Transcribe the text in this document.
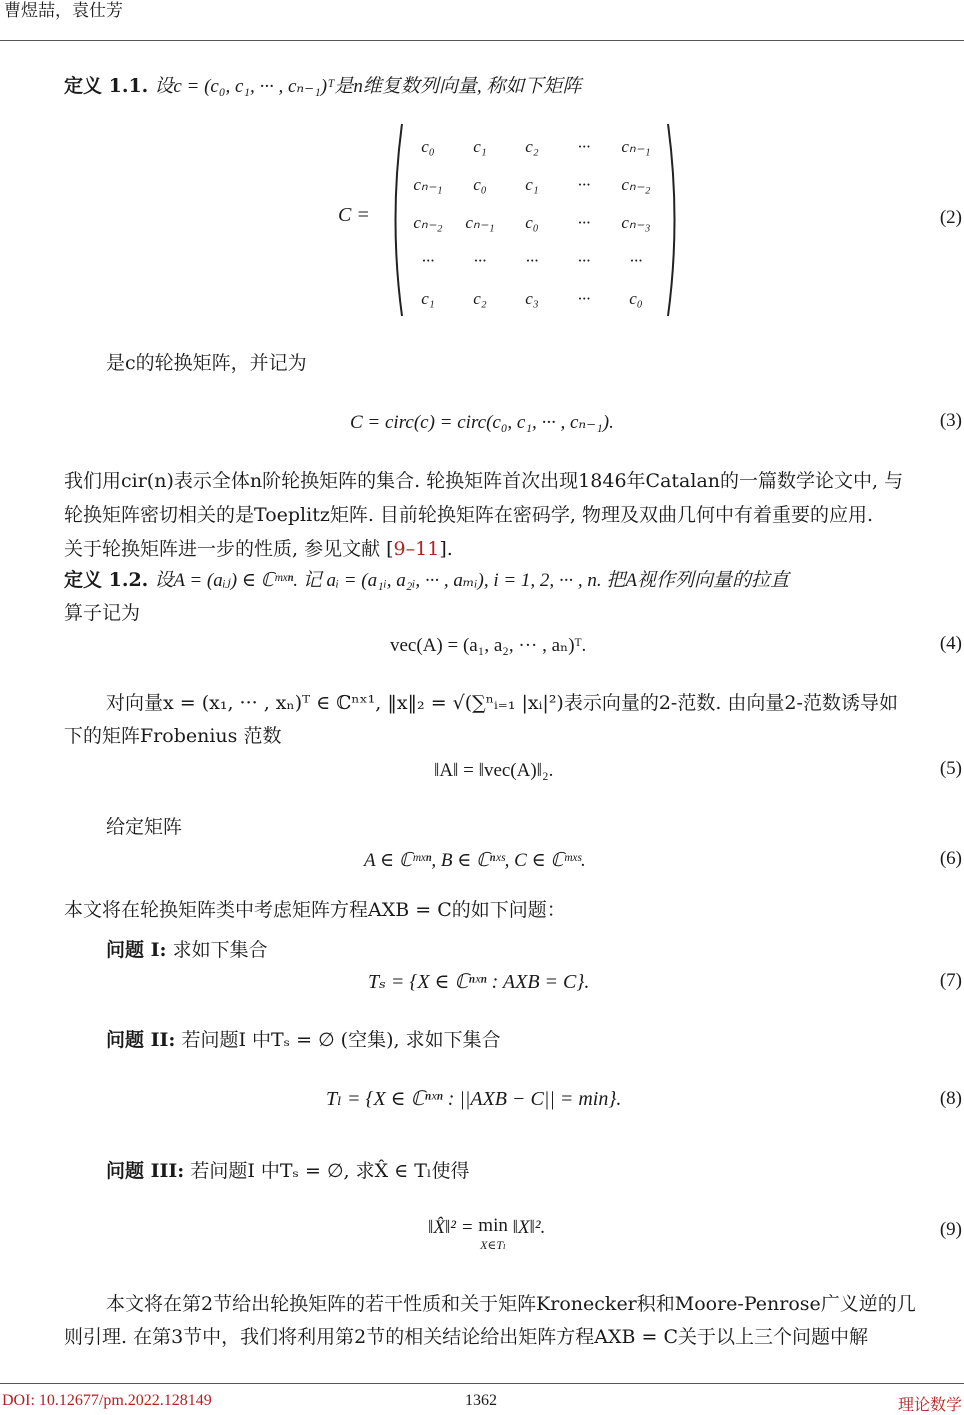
曹煜喆，袁仕芳
定义 1.1. 设c = (c₀, c₁, ··· , cₙ₋₁)ᵀ是n维复数列向量, 称如下矩阵
C =
c₀	c₁	c₂	···	cₙ₋₁
cₙ₋₁	c₀	c₁	···	cₙ₋₂
cₙ₋₂	cₙ₋₁	c₀	···	cₙ₋₃
···	···	···	···	···
c₁	c₂	c₃	···	c₀
(2)
是c的轮换矩阵，并记为
C = circ(c) = circ(c₀, c₁, ··· , cₙ₋₁).	(3)
我们用cir(n)表示全体n阶轮换矩阵的集合. 轮换矩阵首次出现1846年Catalan的一篇数学论文中, 与
轮换矩阵密切相关的是Toeplitz矩阵. 目前轮换矩阵在密码学, 物理及双曲几何中有着重要的应用.
关于轮换矩阵进一步的性质, 参见文献 [9–11].
定义 1.2. 设A = (aᵢⱼ) ∈ ℂᵐˣⁿ. 记 aᵢ = (a₁ᵢ, a₂ᵢ, ··· , aₘᵢ), i = 1, 2, ··· , n. 把A视作列向量的拉直
算子记为
vec(A) = (a₁, a₂, ··· , aₙ)ᵀ.	(4)
对向量x = (x₁, ··· , xₙ)ᵀ ∈ ℂⁿˣ¹, ‖x‖₂ = √(∑ⁿᵢ₌₁ |xᵢ|²)表示向量的2-范数. 由向量2-范数诱导如
下的矩阵Frobenius 范数
‖A‖ = ‖vec(A)‖₂.	(5)
给定矩阵
A ∈ ℂᵐˣⁿ, B ∈ ℂⁿˣˢ, C ∈ ℂᵐˣˢ.	(6)
本文将在轮换矩阵类中考虑矩阵方程AXB = C的如下问题：
问题 I: 求如下集合
Tₛ = {X ∈ ℂⁿˣⁿ : AXB = C}.	(7)
问题 II: 若问题I 中Tₛ = ∅ (空集), 求如下集合
Tₗ = {X ∈ ℂⁿˣⁿ : ||AXB − C|| = min}.	(8)
问题 III: 若问题I 中Tₛ = ∅, 求X̂ ∈ Tₗ使得
‖X̂‖² = min
X∈Tₗ ‖X‖².	(9)
本文将在第2节给出轮换矩阵的若干性质和关于矩阵Kronecker积和Moore-Penrose广义逆的几
则引理. 在第3节中，我们将利用第2节的相关结论给出矩阵方程AXB = C关于以上三个问题中解
DOI: 10.12677/pm.2022.128149	1362	理论数学
